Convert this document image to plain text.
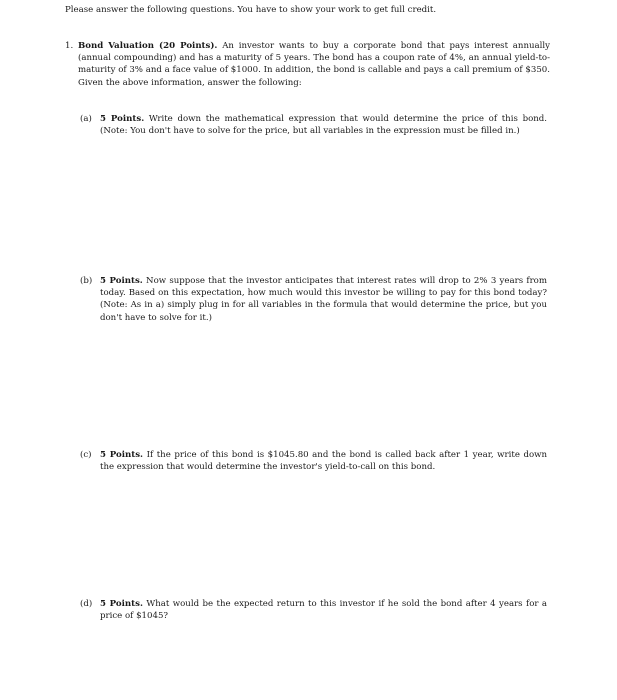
Please answer the following questions. You have to show your work to get full credit.

1. Bond Valuation (20 Points). An investor wants to buy a corporate bond that pays interest annually (annual compounding) and has a maturity of 5 years. The bond has a coupon rate of 4%, an annual yield-to-maturity of 3% and a face value of $1000. In addition, the bond is callable and pays a call premium of $350. Given the above information, answer the following:
(a) 5 Points. Write down the mathematical expression that would determine the price of this bond. (Note: You don't have to solve for the price, but all variables in the expression must be filled in.)
(b) 5 Points. Now suppose that the investor anticipates that interest rates will drop to 2% 3 years from today. Based on this expectation, how much would this investor be willing to pay for this bond today? (Note: As in a) simply plug in for all variables in the formula that would determine the price, but you don't have to solve for it.)
(c) 5 Points. If the price of this bond is $1045.80 and the bond is called back after 1 year, write down the expression that would determine the investor's yield-to-call on this bond.
(d) 5 Points. What would be the expected return to this investor if he sold the bond after 4 years for a price of $1045?
